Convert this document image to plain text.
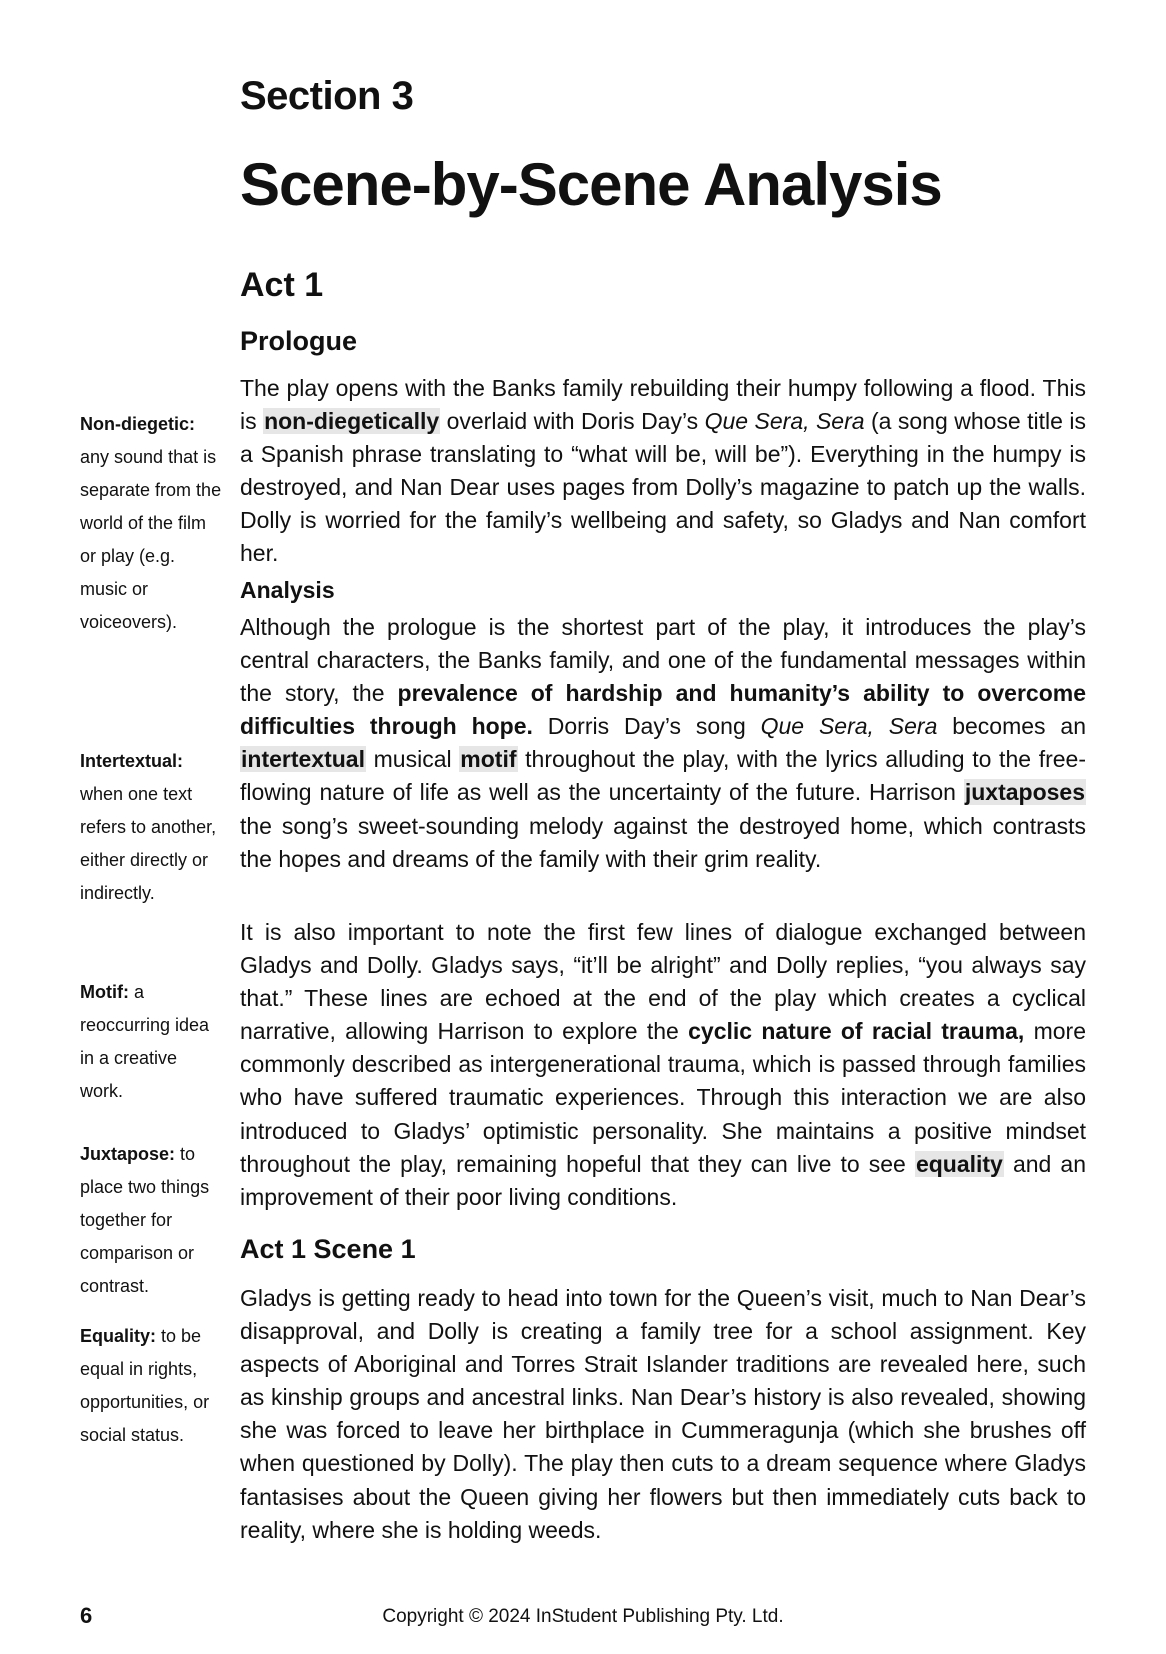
Section 3
Scene-by-Scene Analysis
Act 1
Prologue

The play opens with the Banks family rebuilding their humpy following a flood. This is non-diegetically overlaid with Doris Day’s Que Sera, Sera (a song whose title is a Spanish phrase translating to “what will be, will be”). Everything in the humpy is destroyed, and Nan Dear uses pages from Dolly’s magazine to patch up the walls. Dolly is worried for the family’s wellbeing and safety, so Gladys and Nan comfort her.

Analysis

Although the prologue is the shortest part of the play, it introduces the play’s central characters, the Banks family, and one of the fundamental messages within the story, the prevalence of hardship and humanity’s ability to overcome difficulties through hope. Dorris Day’s song Que Sera, Sera becomes an intertextual musical motif throughout the play, with the lyrics alluding to the free-flowing nature of life as well as the uncertainty of the future. Harrison juxtaposes the song’s sweet-sounding melody against the destroyed home, which contrasts the hopes and dreams of the family with their grim reality.

It is also important to note the first few lines of dialogue exchanged between Gladys and Dolly. Gladys says, “it’ll be alright” and Dolly replies, “you always say that.” These lines are echoed at the end of the play which creates a cyclical narrative, allowing Harrison to explore the cyclic nature of racial trauma, more commonly described as intergenerational trauma, which is passed through families who have suffered traumatic experiences. Through this interaction we are also introduced to Gladys’ optimistic personality. She maintains a positive mindset throughout the play, remaining hopeful that they can live to see equality and an improvement of their poor living conditions.

Act 1 Scene 1

Gladys is getting ready to head into town for the Queen’s visit, much to Nan Dear’s disapproval, and Dolly is creating a family tree for a school assignment. Key aspects of Aboriginal and Torres Strait Islander traditions are revealed here, such as kinship groups and ancestral links. Nan Dear’s history is also revealed, showing she was forced to leave her birthplace in Cummeragunja (which she brushes off when questioned by Dolly). The play then cuts to a dream sequence where Gladys fantasises about the Queen giving her flowers but then immediately cuts back to reality, where she is holding weeds.

Non-diegetic: any sound that is separate from the world of the film or play (e.g. music or voiceovers).
Intertextual: when one text refers to another, either directly or indirectly.
Motif: a reoccurring idea in a creative work.
Juxtapose: to place two things together for comparison or contrast.
Equality: to be equal in rights, opportunities, or social status.
6	Copyright © 2024 InStudent Publishing Pty. Ltd.
